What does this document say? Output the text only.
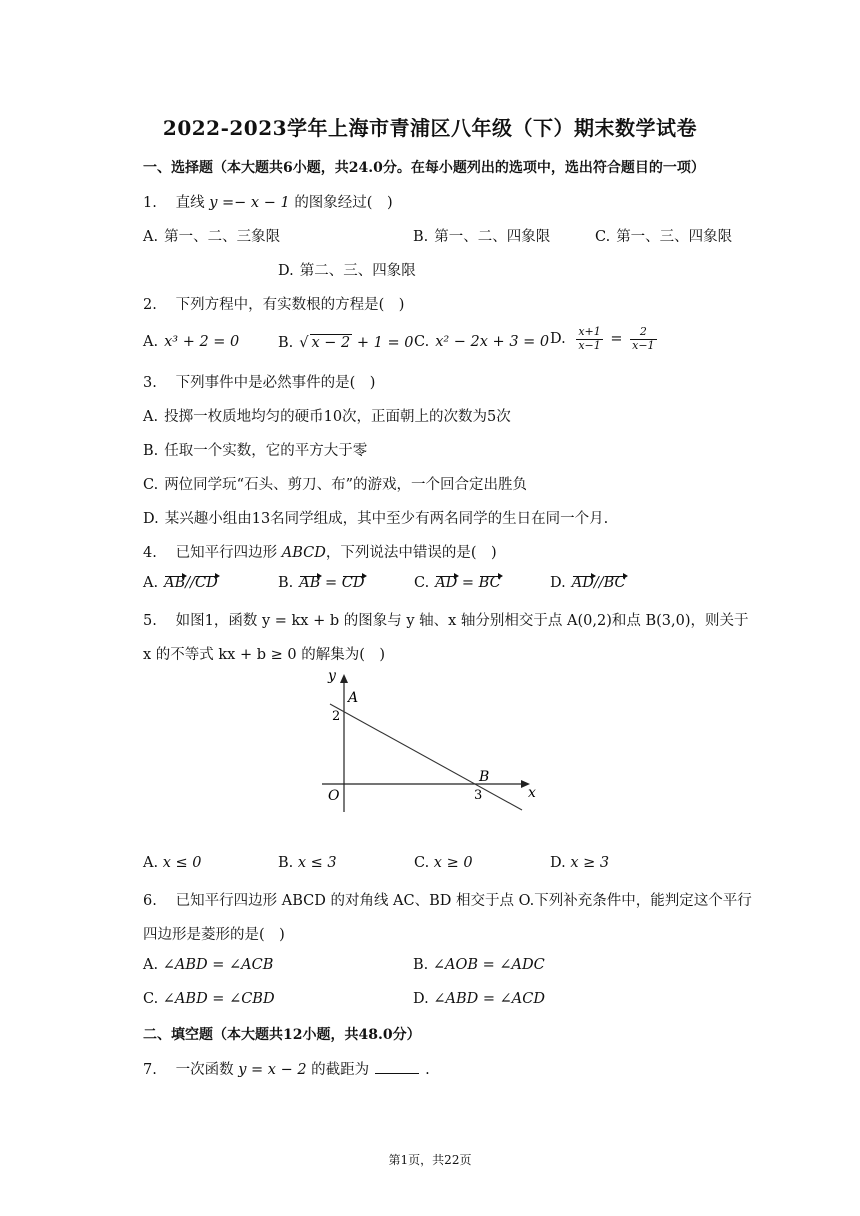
2022-2023学年上海市青浦区八年级（下）期末数学试卷
一、选择题（本大题共6小题，共24.0分。在每小题列出的选项中，选出符合题目的一项）
1. 直线 y =− x − 1 的图象经过(　)
A. 第一、二、三象限	B. 第一、二、四象限	C. 第一、三、四象限
D. 第二、三、四象限
2. 下列方程中，有实数根的方程是(　)
A. x³ + 2 = 0	B. √ x − 2 + 1 = 0 C. x² − 2x + 3 = 0 D. $\frac{x+1}{x-1} = \frac{2}{x-1}$
3. 下列事件中是必然事件的是(　)
A. 投掷一枚质地均匀的硬币10次，正面朝上的次数为5次
B. 任取一个实数，它的平方大于零
C. 两位同学玩“石头、剪刀、布”的游戏，一个回合定出胜负
D. 某兴趣小组由13名同学组成，其中至少有两名同学的生日在同一个月.
4. 已知平行四边形 ABCD，下列说法中错误的是(　)
A. AB//CD	B. AB = CD	C. AD = BC	D. AD//BC
5. 如图1，函数 y = kx + b 的图象与 y 轴、x 轴分别相交于点 A(0,2)和点 B(3,0)，则关于
x 的不等式 kx + b ≥ 0 的解集为(　)
y
x
O
A
B
2
3
A. x ≤ 0	B. x ≤ 3	C. x ≥ 0	D. x ≥ 3
6. 已知平行四边形 ABCD 的对角线 AC、BD 相交于点 O.下列补充条件中，能判定这个平行
四边形是菱形的是(　)
A. ∠ABD = ∠ACB	B. ∠AOB = ∠ADC
C. ∠ABD = ∠CBD	D. ∠ABD = ∠ACD
二、填空题（本大题共12小题，共48.0分）
7. 一次函数 y = x − 2 的截距为	.
第1页，共22页
